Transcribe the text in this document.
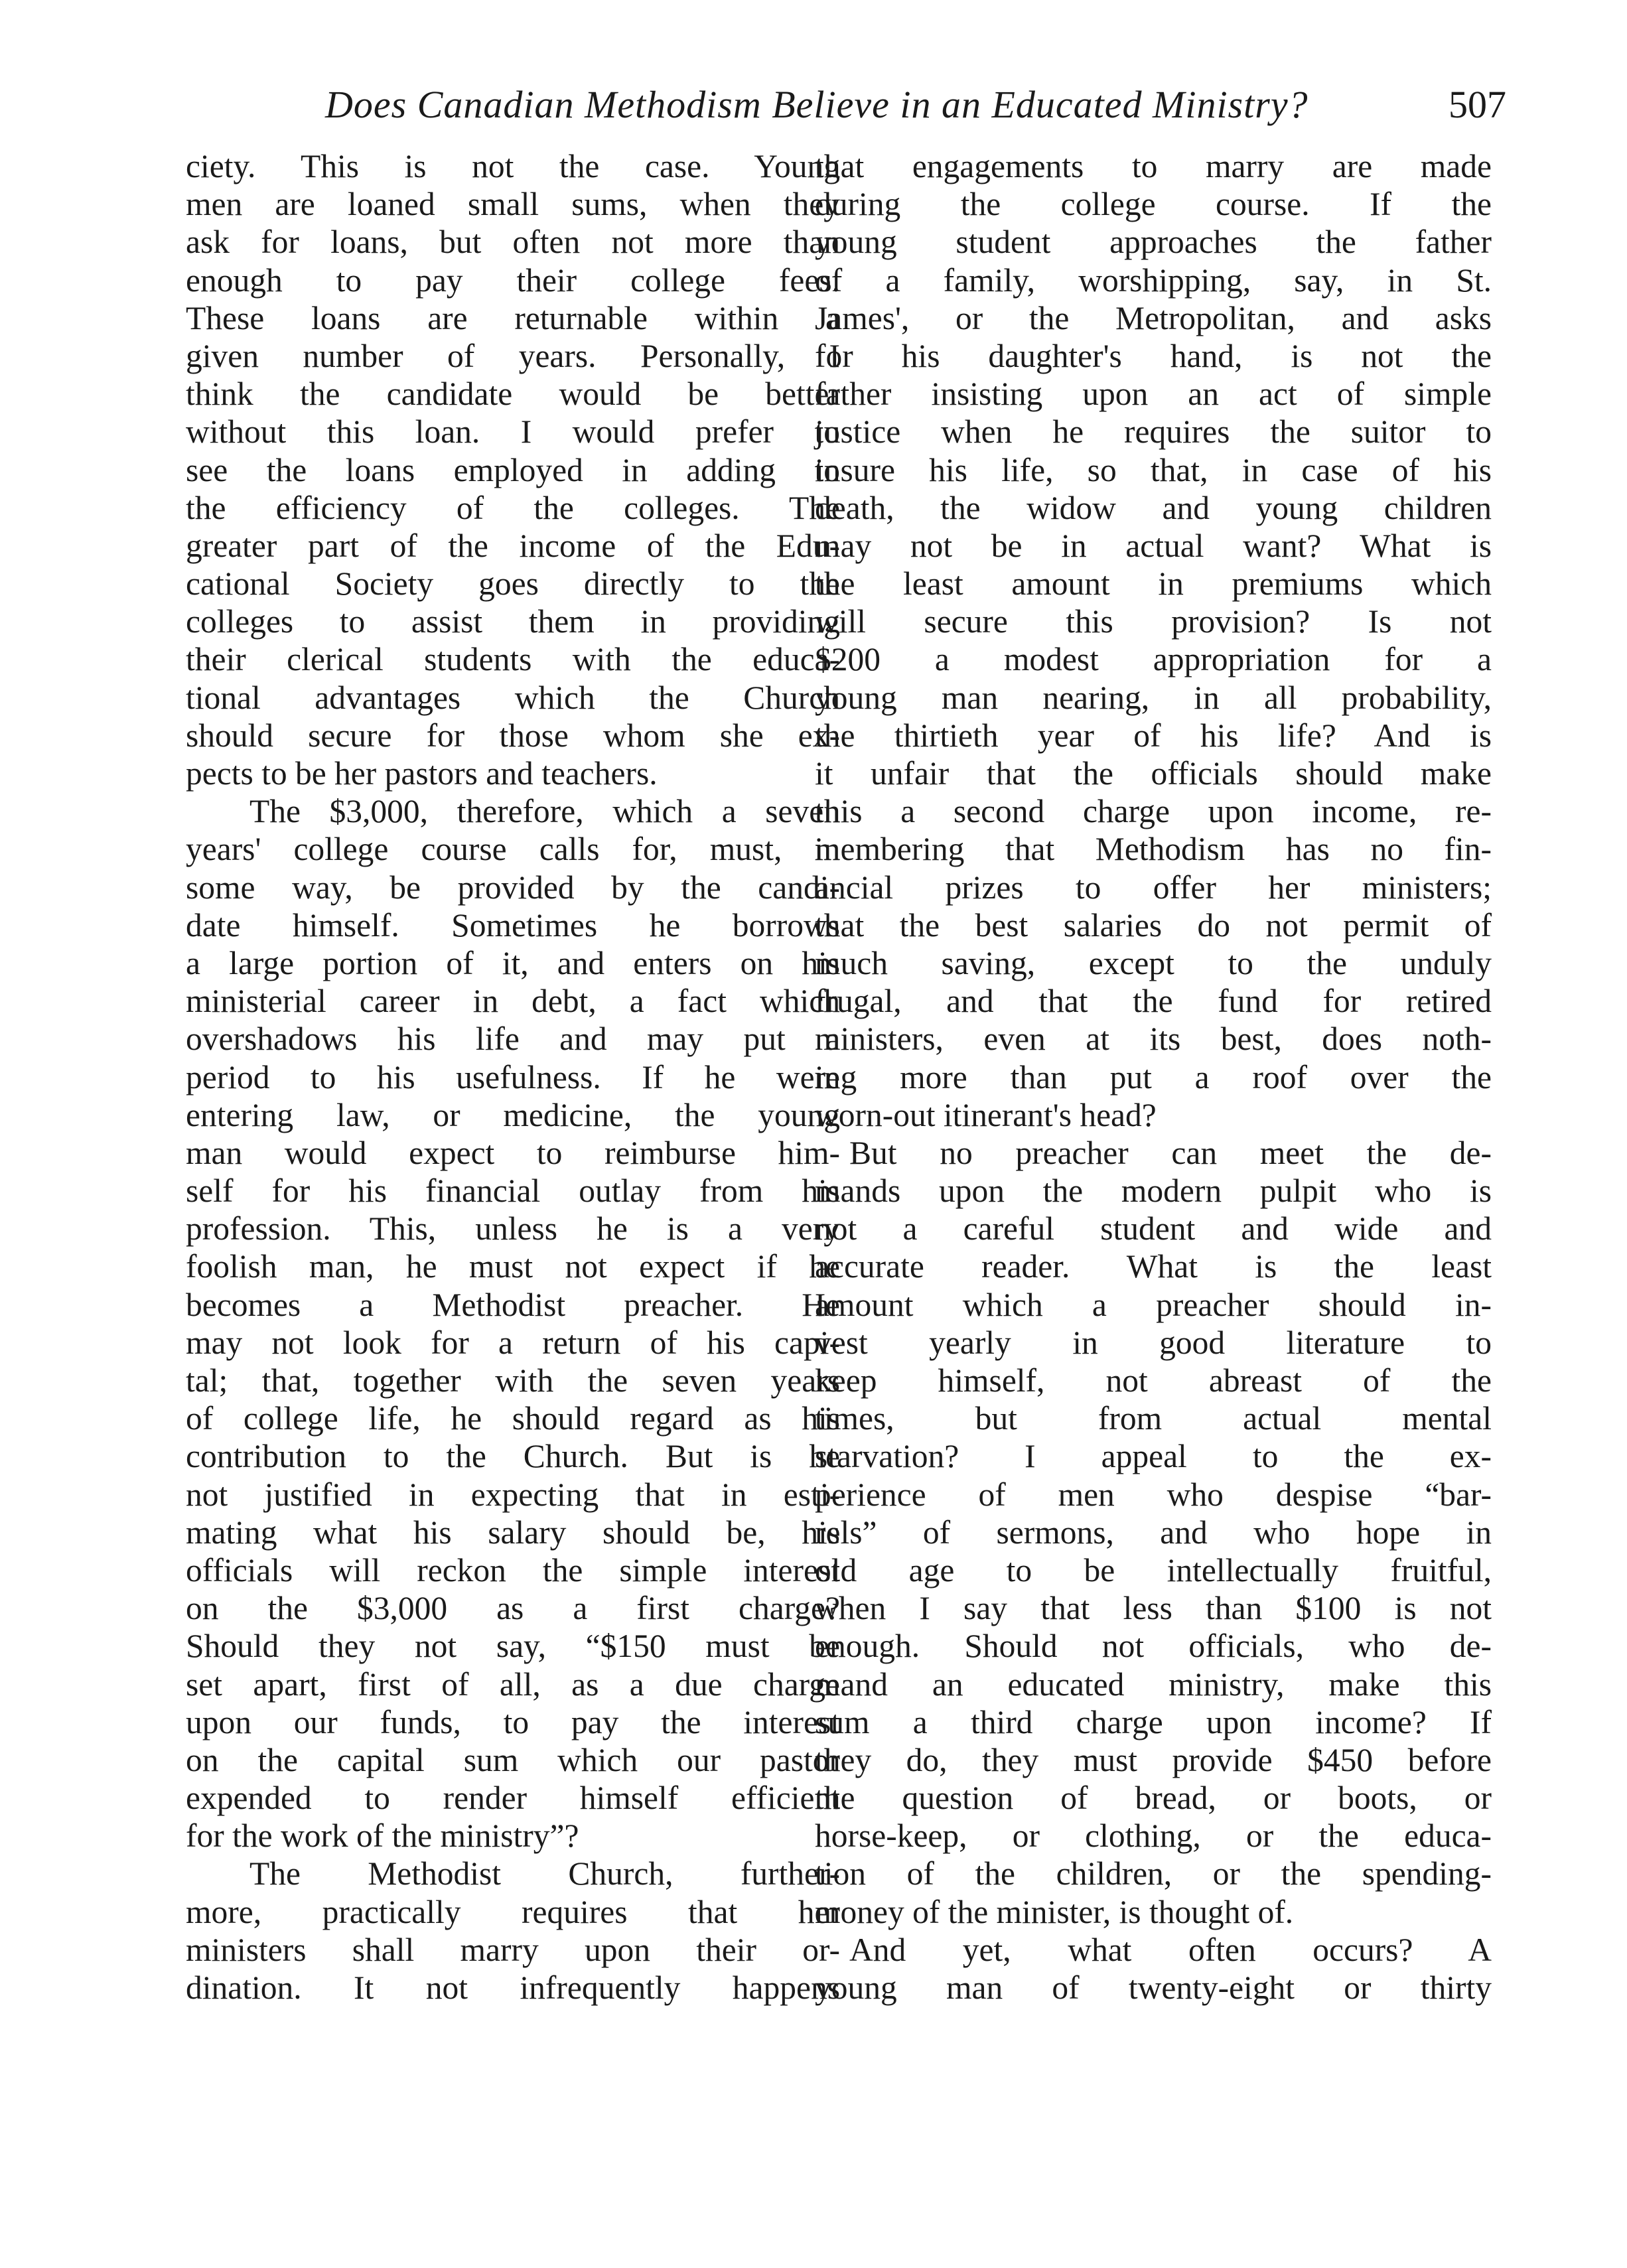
Does Canadian Methodism Believe in an Educated Ministry?	507
ciety. This is not the case. Young
men are loaned small sums, when they
ask for loans, but often not more than
enough to pay their college fees.
These loans are returnable within a
given number of years. Personally, I
think the candidate would be better
without this loan. I would prefer to
see the loans employed in adding to
the efficiency of the colleges. The
greater part of the income of the Edu-
cational Society goes directly to the
colleges to assist them in providing
their clerical students with the educa-
tional advantages which the Church
should secure for those whom she ex-
pects to be her pastors and teachers.
The $3,000, therefore, which a seven
years' college course calls for, must, in
some way, be provided by the candi-
date himself. Sometimes he borrows
a large portion of it, and enters on his
ministerial career in debt, a fact which
overshadows his life and may put a
period to his usefulness. If he were
entering law, or medicine, the young
man would expect to reimburse him-
self for his financial outlay from his
profession. This, unless he is a very
foolish man, he must not expect if he
becomes a Methodist preacher. He
may not look for a return of his capi-
tal; that, together with the seven years
of college life, he should regard as his
contribution to the Church. But is he
not justified in expecting that in esti-
mating what his salary should be, his
officials will reckon the simple interest
on the $3,000 as a first charge?
Should they not say, “$150 must be
set apart, first of all, as a due charge
upon our funds, to pay the interest
on the capital sum which our pastor
expended to render himself efficient
for the work of the ministry”?
The Methodist Church, further-
more, practically requires that her
ministers shall marry upon their or-
dination. It not infrequently happens
that engagements to marry are made
during the college course. If the
young student approaches the father
of a family, worshipping, say, in St.
James', or the Metropolitan, and asks
for his daughter's hand, is not the
father insisting upon an act of simple
justice when he requires the suitor to
insure his life, so that, in case of his
death, the widow and young children
may not be in actual want? What is
the least amount in premiums which
will secure this provision? Is not
$200 a modest appropriation for a
young man nearing, in all probability,
the thirtieth year of his life? And is
it unfair that the officials should make
this a second charge upon income, re-
membering that Methodism has no fin-
ancial prizes to offer her ministers;
that the best salaries do not permit of
much saving, except to the unduly
frugal, and that the fund for retired
ministers, even at its best, does noth-
ing more than put a roof over the
worn-out itinerant's head?
But no preacher can meet the de-
mands upon the modern pulpit who is
not a careful student and wide and
accurate reader. What is the least
amount which a preacher should in-
vest yearly in good literature to
keep himself, not abreast of the
times, but from actual mental
starvation? I appeal to the ex-
perience of men who despise “bar-
rels” of sermons, and who hope in
old age to be intellectually fruitful,
when I say that less than $100 is not
enough. Should not officials, who de-
mand an educated ministry, make this
sum a third charge upon income? If
they do, they must provide $450 before
the question of bread, or boots, or
horse-keep, or clothing, or the educa-
tion of the children, or the spending-
money of the minister, is thought of.
And yet, what often occurs? A
young man of twenty-eight or thirty
